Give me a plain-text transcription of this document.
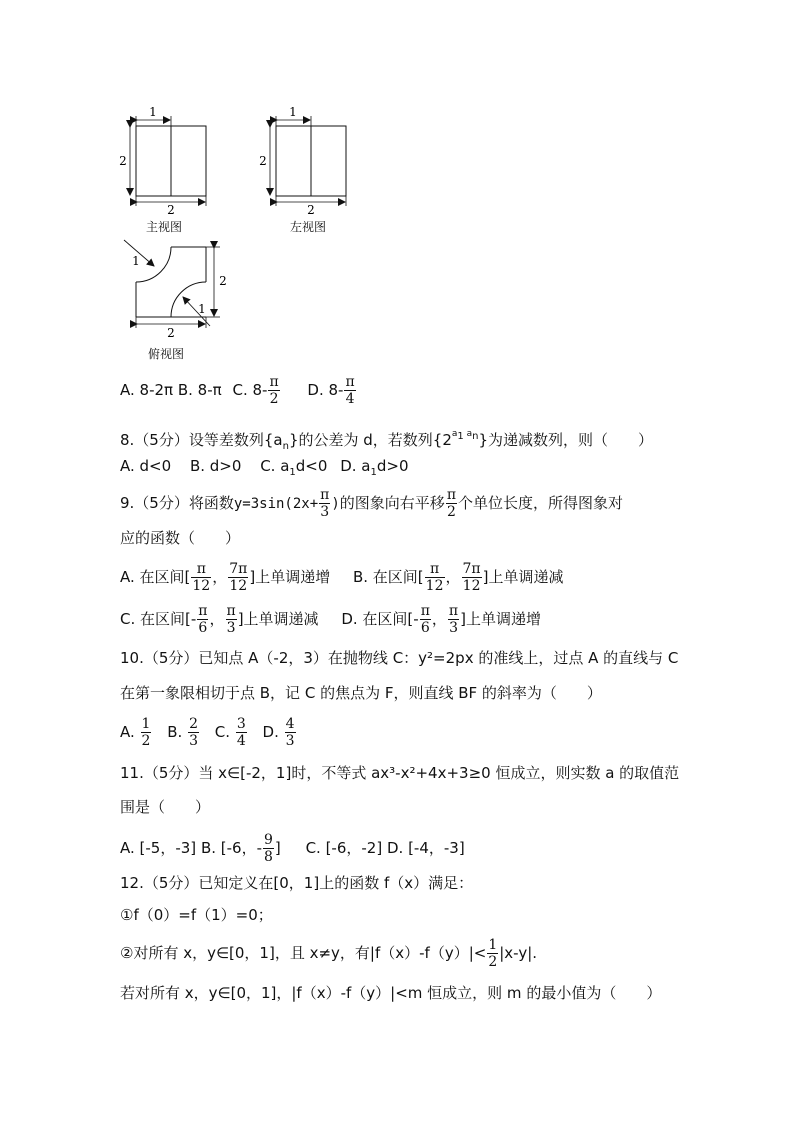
1
2
2
1
2
2
1
1
2
2
主视图	左视图
俯视图
A. 8-2π B. 8-π C. $8- \frac{\pi}{2} D$. $8- \frac{\pi}{4}$
8.（5分）设等差数列$\{a_n\}$的公差为 d，若数列$\{2^{a_1 a_n}\}$为递减数列，则（　　）
A. d<0 B. d>0 C. $a_1d<0$ D. $a_1d>0$
9.（5分）将函数$y=3\sin(2x+ \frac{\pi}{3}$ )的图象向右平移 $\frac{\pi}{2}$ 个单位长度，所得图象对
应的函数（　　）
A. 在区间[ $\frac{\pi}{12}$ ， $\frac{7\pi}{12}$ ]上单调递增 B. 在区间[ $\frac{\pi}{12}$ ， $\frac{7\pi}{12}$ ]上单调递减
C. 在区间[- $\frac{\pi}{6}$ ， $\frac{\pi}{3}$ ]上单调递减 D. 在区间[- $\frac{\pi}{6}$ ， $\frac{\pi}{3}$ ]上单调递增
10.（5分）已知点 A（-2，3）在抛物线 C：y²=2px 的准线上，过点 A 的直线与 C
在第一象限相切于点 B，记 C 的焦点为 F，则直线 BF 的斜率为（　　）
A. $\frac{1}{2} B$. $\frac{2}{3} C$. $\frac{3}{4} D$. $\frac{4}{3}$
11.（5分）当 x∈[-2，1]时，不等式 ax³-x²+4x+3≥0 恒成立，则实数 a 的取值范
围是（　　）
A. [-5，-3] B. [-6，- $\frac{9}{8}$ ] C. [-6，-2] D. [-4，-3]
12.（5分）已知定义在[0，1]上的函数 f（x）满足：
①f（0）=f（1）=0；
②对所有 x，y∈[0，1]，且 x≠y，有$|f(x)-f(y)|< \frac{1}{2} |x-y|$.
若对所有 x，y∈[0，1]，|f（x）-f（y）|<m 恒成立，则 m 的最小值为（　　）
